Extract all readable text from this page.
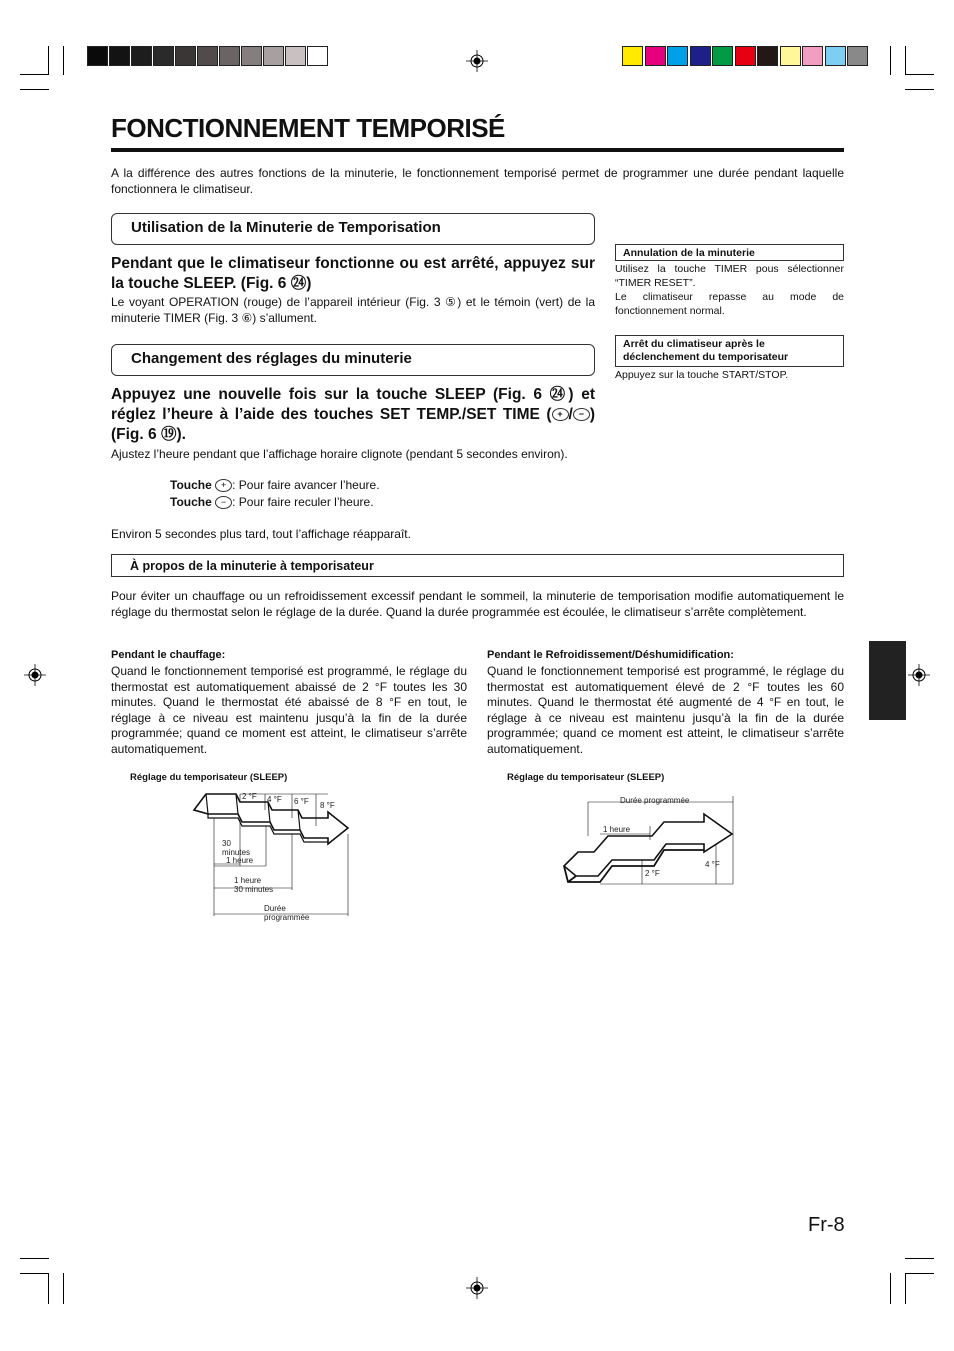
FONCTIONNEMENT TEMPORISÉ
A la différence des autres fonctions de la minuterie, le fonctionnement temporisé permet de programmer une durée pendant laquelle fonctionnera le climatiseur.
Utilisation de la Minuterie de Temporisation
Pendant que le climatiseur fonctionne ou est arrêté, appuyez sur la touche SLEEP. (Fig. 6 ㉔)
Le voyant OPERATION (rouge) de l’appareil intérieur (Fig. 3 ⑤) et le témoin (vert) de la minuterie TIMER (Fig. 3 ⑥) s’allument.
Changement des réglages du minuterie
Appuyez une nouvelle fois sur la touche SLEEP (Fig. 6 ㉔) et réglez l’heure à l’aide des touches SET TEMP./SET TIME ( + / − ) (Fig. 6 ⑲).
Ajustez l’heure pendant que l’affichage horaire clignote (pendant 5 secondes environ).
Touche + : Pour faire avancer l’heure.
Touche − : Pour faire reculer l’heure.
Environ 5 secondes plus tard, tout l’affichage réapparaît.
Annulation de la minuterie
Utilisez la touche TIMER pous sélectionner “TIMER RESET”.
Le climatiseur repasse au mode de fonctionnement normal.
Arrêt du climatiseur après le déclenchement du temporisateur
Appuyez sur la touche START/STOP.
À propos de la minuterie à temporisateur
Pour éviter un chauffage ou un refroidissement excessif pendant le sommeil, la minuterie de temporisation modifie automatiquement le réglage du thermostat selon le réglage de la durée. Quand la durée programmée est écoulée, le climatiseur s’arrête complètement.
Pendant le chauffage:
Quand le fonctionnement temporisé est programmé, le réglage du thermostat est automatiquement abaissé de 2 °F toutes les 30 minutes. Quand le thermostat été abaissé de 8 °F en tout, le réglage à ce niveau est maintenu jusqu’à la fin de la durée programmée; quand ce moment est atteint, le climatiseur s’arrête automatiquement.
Pendant le Refroidissement/Déshumidification:
Quand le fonctionnement temporisé est programmé, le réglage du thermostat est automatiquement élevé de 2 °F toutes les 60 minutes. Quand le thermostat été augmenté de 4 °F en tout, le réglage à ce niveau est maintenu jusqu’à la fin de la durée programmée; quand ce moment est atteint, le climatiseur s’arrête automatiquement.
Réglage du temporisateur (SLEEP)	Réglage du temporisateur (SLEEP)
2 °F 4 °F 6 °F 8 °F
30
minutes
1 heure
1 heure
30 minutes
Durée
programmée
Durée programmée
1 heure
2 °F
4 °F
Fr-8
